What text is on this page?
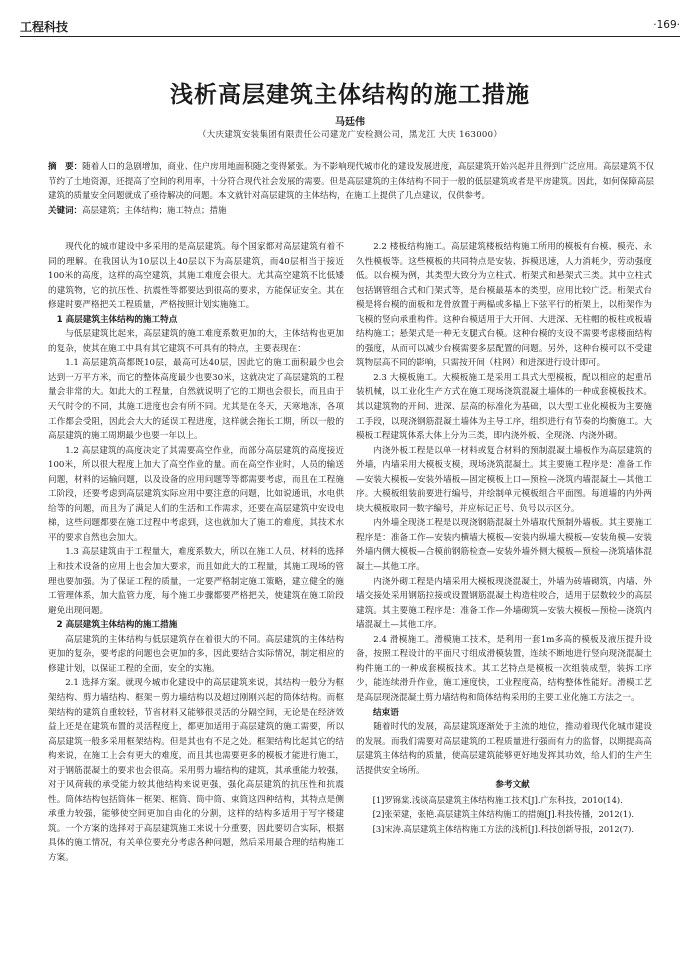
工程科技	·169·
浅析高层建筑主体结构的施工措施
马廷伟
（大庆建筑安装集团有限责任公司建龙广安检测公司，黑龙江 大庆 163000）
摘　要：随着人口的急剧增加，商业、住户房用地面积随之变得紧张。为不影响现代城市化的建设发展进度，高层建筑开始兴起并且得到广泛应用。高层建筑不仅节约了土地资源，还提高了空间的利用率，十分符合现代社会发展的需要。但是高层建筑的主体结构不同于一般的低层建筑或者是平房建筑。因此，如何保障高层建筑的质量安全问题就成了亟待解决的问题。本文就针对高层建筑的主体结构，在施工上提供了几点建议，仅供参考。
关键词：高层建筑；主体结构；施工特点；措施

现代化的城市建设中多采用的是高层建筑。每个国家都对高层建筑有着不同的理解。在我国认为10层以上40层以下为高层建筑，而40层相当于接近100米的高度，这样的高空建筑，其施工难度会很大。尤其高空建筑不比低矮的建筑物，它的抗压性、抗震性等都要达到很高的要求，方能保证安全。其在修建时要严格把关工程质量，严格按照计划实施施工。

1 高层建筑主体结构的施工特点

与低层建筑比起来，高层建筑的施工难度系数更加的大，主体结构也更加的复杂，使其在施工中具有其它建筑不可具有的特点，主要表现在：

1.1 高层建筑高都既10层，最高可达40层，因此它的施工面积最少也会达到一万平方米，而它的整体高度最少也要30米，这就决定了高层建筑的工程量会非常的大。如此大的工程量，自然就说明了它的工期也会很长，而且由于天气时令的不同，其施工进度也会有所不同。尤其是在冬天，天寒地冻，各项工作都会受阻，因此会大大的延误工程进度，这样就会拖长工期，所以一般的高层建筑的施工周期最少也要一年以上。

1.2 高层建筑的高度决定了其需要高空作业，而部分高层建筑的高度接近100米，所以很大程度上加大了高空作业的量。而在高空作业时，人员的输送问题，材料的运输问题，以及设备的应用问题等等都需要考虑，而且在工程施工阶段，还要考虑到高层建筑实际应用中要注意的问题，比如说通讯，水电供给等的问题，而且为了满足人们的生活和工作需求，还要在高层建筑中安设电梯，这些问题都要在施工过程中考虑到，这也就加大了施工的难度，其技术水平的要求自然也会加大。

1.3 高层建筑由于工程量大，难度系数大，所以在施工人员、材料的选择上和技术设备的应用上也会加大要求，而且如此大的工程量，其施工现场的管理也要加强。为了保证工程的质量，一定要严格制定施工策略，建立健全的施工管理体系，加大监管力度，每个施工步骤都要严格把关，使建筑在施工阶段避免出现问题。

2 高层建筑主体结构的施工措施

高层建筑的主体结构与低层建筑存在着很大的不同。高层建筑的主体结构更加的复杂，要考虑的问题也会更加的多，因此要结合实际情况，制定相应的修建计划，以保证工程的全面，安全的实施。

2.1 选择方案。就现今城市化建设中的高层建筑来说，其结构一般分为框架结构、剪力墙结构、框架－剪力墙结构以及超过刚刚兴起的筒体结构。而框架结构的建筑自重较轻，节省材料又能够很灵活的分隔空间，无论是在经济效益上还是在建筑布置的灵活程度上，都更加适用于高层建筑的施工需要，所以高层建筑一般多采用框架结构。但是其也有不足之处。框架结构比起其它的结构来说，在施工上会有更大的难度，而且其也需要更多的模板才能进行施工，对于钢筋混凝土的要求也会很高。采用剪力墙结构的建筑，其承重能力较强，对于风荷载的承受能力较其他结构来说更强，强化高层建筑的抗压性和抗震性。筒体结构包括筒体－框架、框筒、筒中筒、束筒这四种结构，其特点是侧承重力较强，能够使空间更加自由化的分割，这样的结构多适用于写字楼建筑。一个方案的选择对于高层建筑施工来说十分重要，因此要切合实际，根据具体的施工情况，有关单位要充分考虑各种问题，然后采用最合理的结构施工方案。

2.2 楼板结构施工。高层建筑楼板结构施工所用的模板有台模、模壳、永久性模板等。这些模板的共同特点是安装、拆模迅速，人力消耗少，劳动强度低。以台模为例，其类型大致分为立柱式、桁架式和悬架式三类。其中立柱式包括钢管组合式和门架式等，是台模最基本的类型，应用比较广泛。桁架式台模是将台模的面板和龙骨放置于两榀或多榀上下弦平行的桁架上，以桁架作为飞模的竖向承重构件。这种台模适用于大开间、大进深、无柱帽的板柱或板墙结构施工；悬架式是一种无支腿式台模。这种台模的支设不需要考虑楼面结构的强度，从而可以减少台模需要多层配置的问题。另外，这种台模可以不受建筑物层高不同的影响，只需按开间（柱网）和进深进行设计即可。

2.3 大模板施工。大模板施工是采用工具式大型模板，配以相应的起重吊装机械，以工业化生产方式在施工现场浇筑混凝土墙体的一种成套模板技术。其以建筑物的开间、进深、层高的标准化为基础，以大型工业化模板为主要施工手段，以现浇钢筋混凝土墙体为主导工序，组织进行有节奏的均衡施工。大模板工程建筑体系大体上分为三类，即内浇外板、全现浇、内浇外砌。

内浇外板工程是以单一材料或复合材料的预制混凝土墙板作为高层建筑的外墙，内墙采用大模板支模，现场浇筑混凝土。其主要施工程序是：准备工作—安装大模板—安装外墙板—固定模板上口—预检—浇筑内墙混凝土—其他工序。大模板组装前要进行编号，并绘制单元模板组合平面图。每道墙的内外两块大模板取同一数字编号，并应标记正号、负号以示区分。

内外墙全现浇工程是以现浇钢筋混凝土外墙取代预制外墙板。其主要施工程序是：准备工作—安装内横墙大模板—安装内纵墙大模板—安装角模—安装外墙内侧大模板—合模前钢筋检查—安装外墙外侧大模板—预检—浇筑墙体混凝土—其他工序。

内浇外砌工程是内墙采用大模板现浇混凝土，外墙为砖墙砌筑，内墙、外墙交接处采用钢筋拉接或设置钢筋混凝土构造柱咬合，适用于层数较少的高层建筑。其主要施工程序是：准备工作—外墙砌筑—安装大模板—预检—浇筑内墙混凝土—其他工序。

2.4 滑模施工。滑模施工技术，是利用一套1m多高的模板及液压提升设备，按照工程设计的平面尺寸组成滑模装置，连续不断地进行竖向现浇混凝土构件施工的一种成套模板技术。其工艺特点是模板一次组装成型，装拆工序少，能连续滑升作业，施工速度快，工业程度高，结构整体性能好。滑模工艺是高层现浇混凝土剪力墙结构和筒体结构采用的主要工业化施工方法之一。

结束语

随着时代的发展，高层建筑逐渐处于主流的地位，推动着现代化城市建设的发展。而我们需要对高层建筑的工程质量进行强而有力的监督，以期提高高层建筑主体结构的质量，使高层建筑能够更好地发挥其功效，给人们的生产生活提供安全场所。

参考文献

[1]罗锦棠.浅谈高层建筑主体结构施工技术[J].广东科技，2010(14).

[2]张荣建，张艳.高层建筑主体结构施工的措施[J].科技传播，2012(1).

[3]宋涛.高层建筑主体结构施工方法的浅析[J].科技创新导报，2012(7).
